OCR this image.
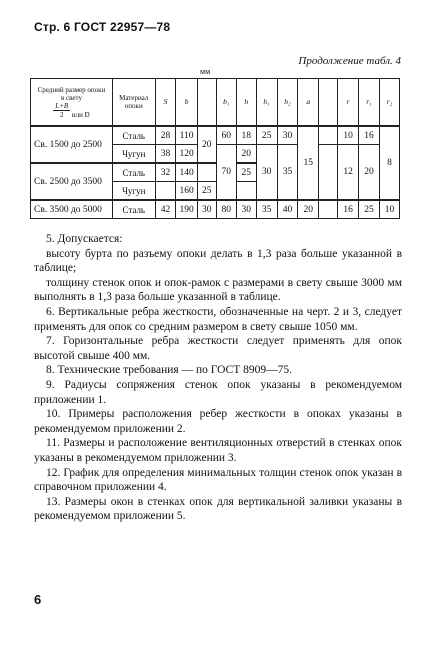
Стр. 6 ГОСТ 22957—78
Продолжение табл. 4
мм
Средний размер опоки
в свету

$\frac{L+B}{2}$ или D	Материал опоки	S	b		b₁	h	h₁	h₂	a		r	r₁	r₂
Св. 1500 до 2500	Сталь	28	110	20	60	18	25	30	15		10	16	8
	Чугун	38	120		70	20	30	35			12	20	
Св. 2500 до 3500	Сталь	32	140			25							
	Чугун		160	25									
Св. 3500 до 5000	Сталь	42	190	30	80	30	35	40	20		16	25	10

5. Допускается:

высоту бурта по разъему опоки делать в 1,3 раза больше указанной в таблице;

толщину стенок опок и опок-рамок с размерами в свету свыше 3000 мм выполнять в 1,3 раза больше указанной в таблице.

6. Вертикальные ребра жесткости, обозначенные на черт. 2 и 3, следует применять для опок со средним размером в свету свыше 1050 мм.

7. Горизонтальные ребра жесткости следует применять для опок высотой свыше 400 мм.

8. Технические требования — по ГОСТ 8909—75.

9. Радиусы сопряжения стенок опок указаны в рекомендуемом приложении 1.

10. Примеры расположения ребер жесткости в опоках указаны в рекомендуемом приложении 2.

11. Размеры и расположение вентиляционных отверстий в стенках опок указаны в рекомендуемом приложении 3.

12. График для определения минимальных толщин стенок опок указан в справочном приложении 4.

13. Размеры окон в стенках опок для вертикальной заливки указаны в рекомендуемом приложении 5.

6
